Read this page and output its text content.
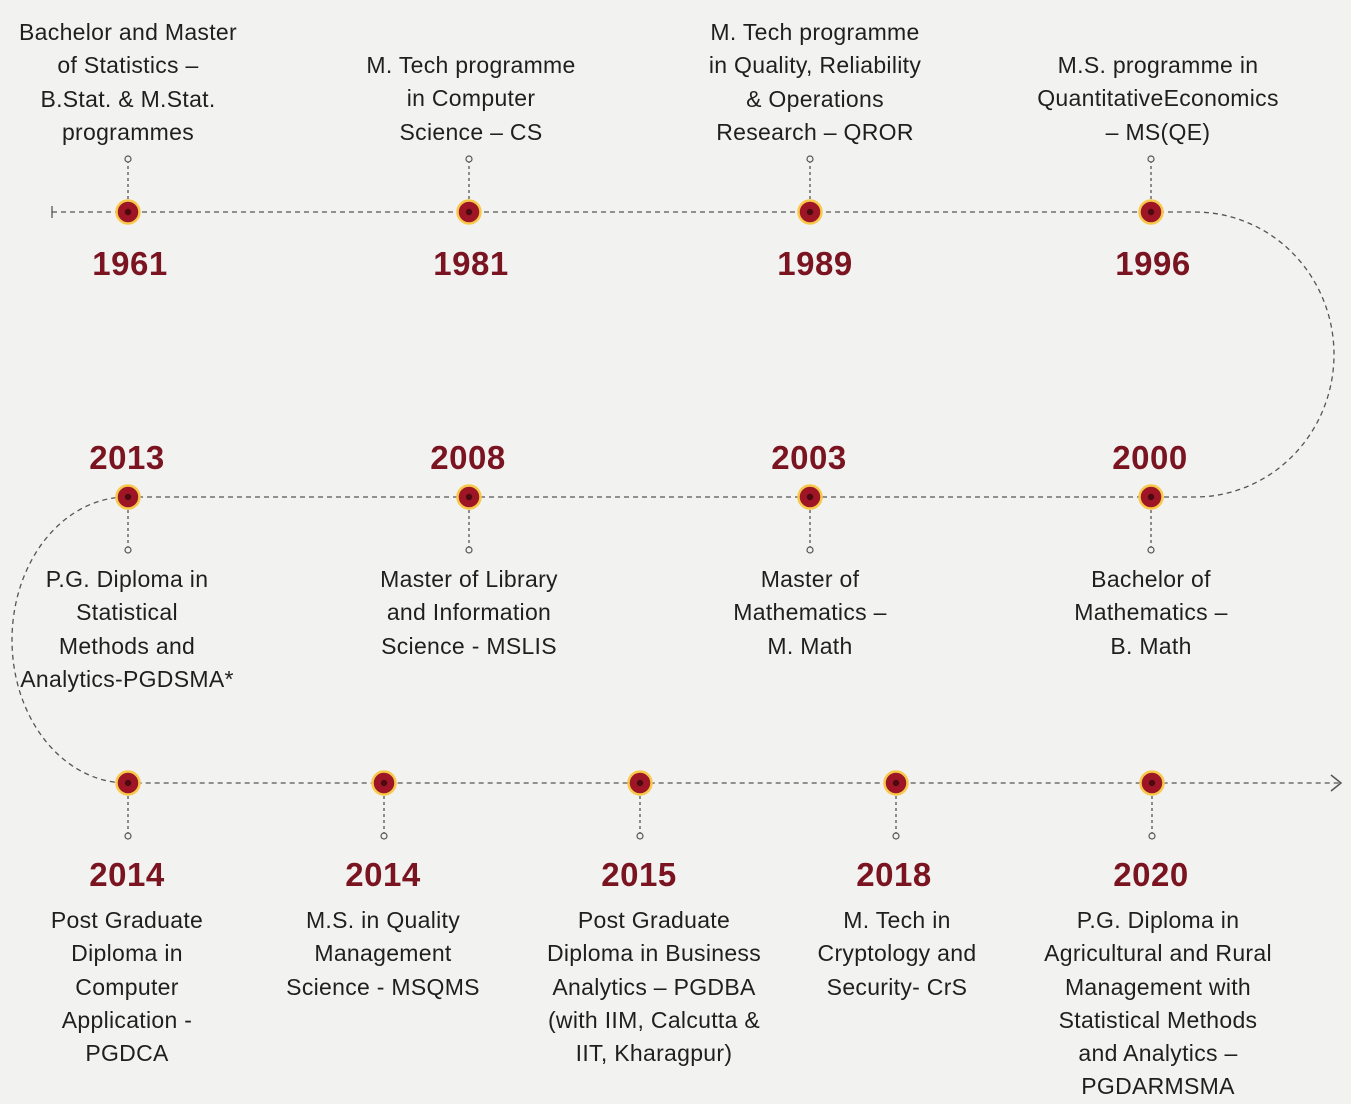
1961
Bachelor and Master
of Statistics –
B.Stat. & M.Stat.
programmes
1981
M. Tech programme
in Computer
Science – CS
1989
M. Tech programme
in Quality, Reliability
& Operations
Research – QROR
1996
M.S. programme in
QuantitativeEconomics
– MS(QE)
2000
Bachelor of
Mathematics –
B. Math
2003
Master of
Mathematics –
M. Math
2008
Master of Library
and Information
Science - MSLIS
2013
P.G. Diploma in
Statistical
Methods and
Analytics-PGDSMA*
2014
Post Graduate
Diploma in
Computer
Application -
PGDCA
2014
M.S. in Quality
Management
Science - MSQMS
2015
Post Graduate
Diploma in Business
Analytics – PGDBA
(with IIM, Calcutta &
IIT, Kharagpur)
2018
M. Tech in
Cryptology and
Security- CrS
2020
P.G. Diploma in
Agricultural and Rural
Management with
Statistical Methods
and Analytics –
PGDARMSMA
